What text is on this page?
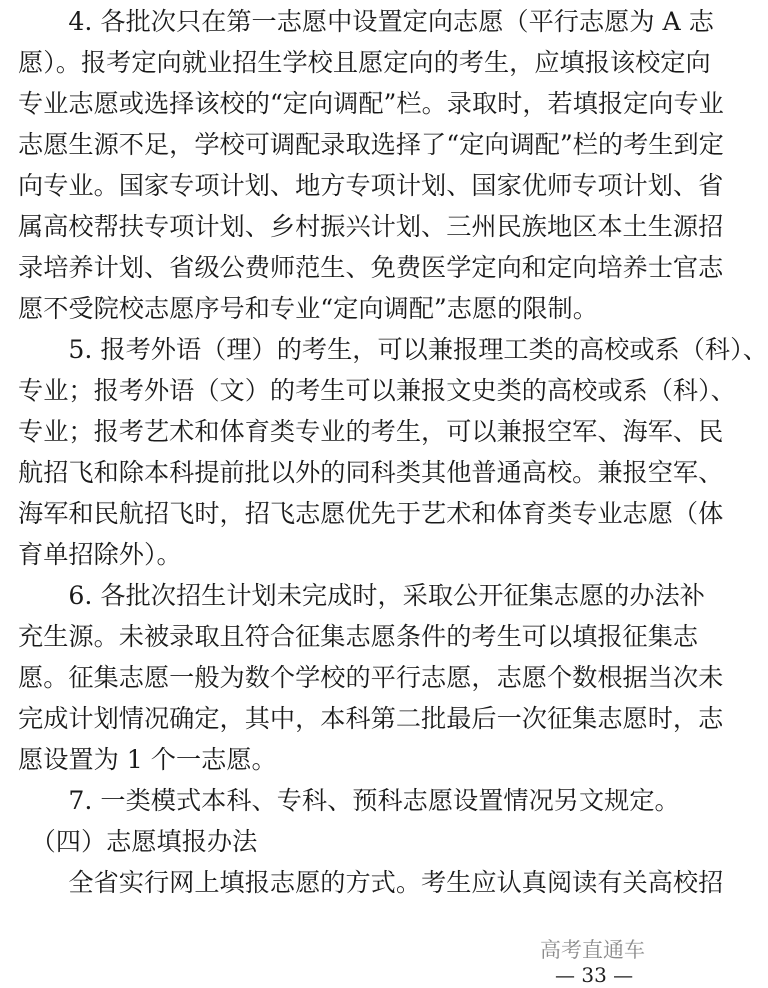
　　4. 各批次只在第一志愿中设置定向志愿（平行志愿为 A 志
愿）。报考定向就业招生学校且愿定向的考生，应填报该校定向
专业志愿或选择该校的“定向调配”栏。录取时，若填报定向专业
志愿生源不足，学校可调配录取选择了“定向调配”栏的考生到定
向专业。国家专项计划、地方专项计划、国家优师专项计划、省
属高校帮扶专项计划、乡村振兴计划、三州民族地区本土生源招
录培养计划、省级公费师范生、免费医学定向和定向培养士官志
愿不受院校志愿序号和专业“定向调配”志愿的限制。
　　5. 报考外语（理）的考生，可以兼报理工类的高校或系（科）、
专业；报考外语（文）的考生可以兼报文史类的高校或系（科）、
专业；报考艺术和体育类专业的考生，可以兼报空军、海军、民
航招飞和除本科提前批以外的同科类其他普通高校。兼报空军、
海军和民航招飞时，招飞志愿优先于艺术和体育类专业志愿（体
育单招除外）。
　　6. 各批次招生计划未完成时，采取公开征集志愿的办法补
充生源。未被录取且符合征集志愿条件的考生可以填报征集志
愿。征集志愿一般为数个学校的平行志愿，志愿个数根据当次未
完成计划情况确定，其中，本科第二批最后一次征集志愿时，志
愿设置为 1 个一志愿。
　　7. 一类模式本科、专科、预科志愿设置情况另文规定。
　（四）志愿填报办法
　　全省实行网上填报志愿的方式。考生应认真阅读有关高校招
高考直通车
— 33 —
